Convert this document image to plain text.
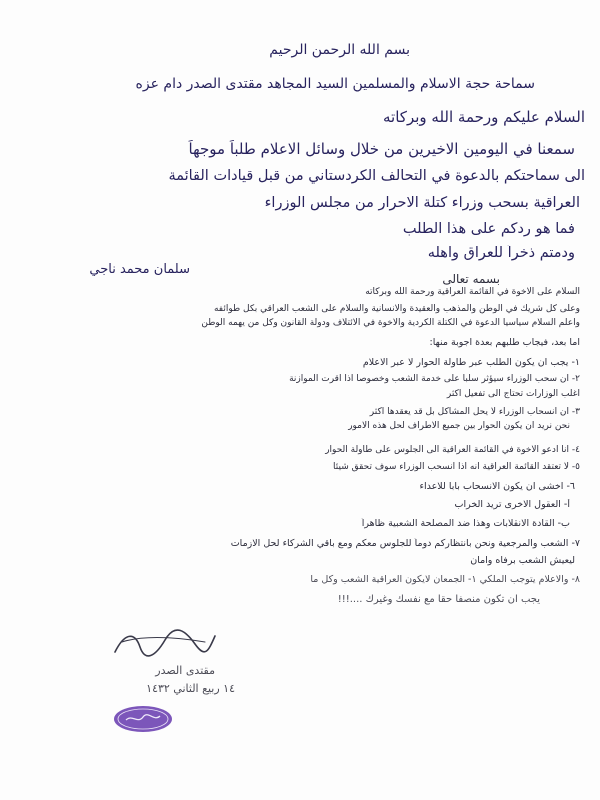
بسم الله الرحمن الرحيم
سماحة حجة الاسلام والمسلمين السيد المجاهد مقتدى الصدر دام عزه
السلام عليكم ورحمة الله وبركاته
سمعنا في اليومين الاخيرين من خلال وسائل الاعلام طلباً موجهاً
الى سماحتكم بالدعوة في التحالف الكردستاني من قبل قيادات القائمة
العراقية بسحب وزراء كتلة الاحرار من مجلس الوزراء
فما هو ردكم على هذا الطلب
ودمتم ذخراً للعراق واهله
سلمان محمد ناجي
بسمه تعالى
السلام على الاخوة في القائمة العراقية ورحمة الله وبركاته
وعلى كل شريك في الوطن والمذهب والعقيدة والانسانية والسلام على الشعب العراقي بكل طوائفه
واعلم السلام سياسياً الدعوة في الكتلة الكردية والاخوة في الائتلاف ودولة القانون وكل من يهمه الوطن
اما بعد، فيجاب طلبهم بعدة اجوبة منها:
١- يجب ان يكون الطلب عبر طاولة الحوار لا عبر الاعلام
٢- ان سحب الوزراء سيؤثر سلباً على خدمة الشعب وخصوصاً اذا اقرت الموازنة
اغلب الوزارات تحتاج الى تفعيل اكثر
٣- ان انسحاب الوزراء لا يحل المشاكل بل قد يعقدها اكثر
نحن نريد ان يكون الحوار بين جميع الاطراف لحل هذه الامور
٤- انا ادعو الاخوة في القائمة العراقية الى الجلوس على طاولة الحوار
٥- لا تعتقد القائمة العراقية انه اذا انسحب الوزراء سوف تحقق شيئا
٦- اخشى ان يكون الانسحاب بابا للاعداء
أ- العقول الاخرى تريد الخراب
ب- القادة الانقلابات وهذا ضد المصلحة الشعبية ظاهراً
٧- الشعب والمرجعية ونحن بانتظاركم دوماً للجلوس معكم ومع باقي الشركاء لحل الازمات
ليعيش الشعب برفاه وامان
٨- والاعلام يتوجب الملكي ١- الجمعان لايكون العراقية الشعب وكل ما
يجب ان تكون منصفا حقا مع نفسك وغيرك ....!!!
مقتدى الصدر
١٤ ربيع الثاني ١٤٣٢
